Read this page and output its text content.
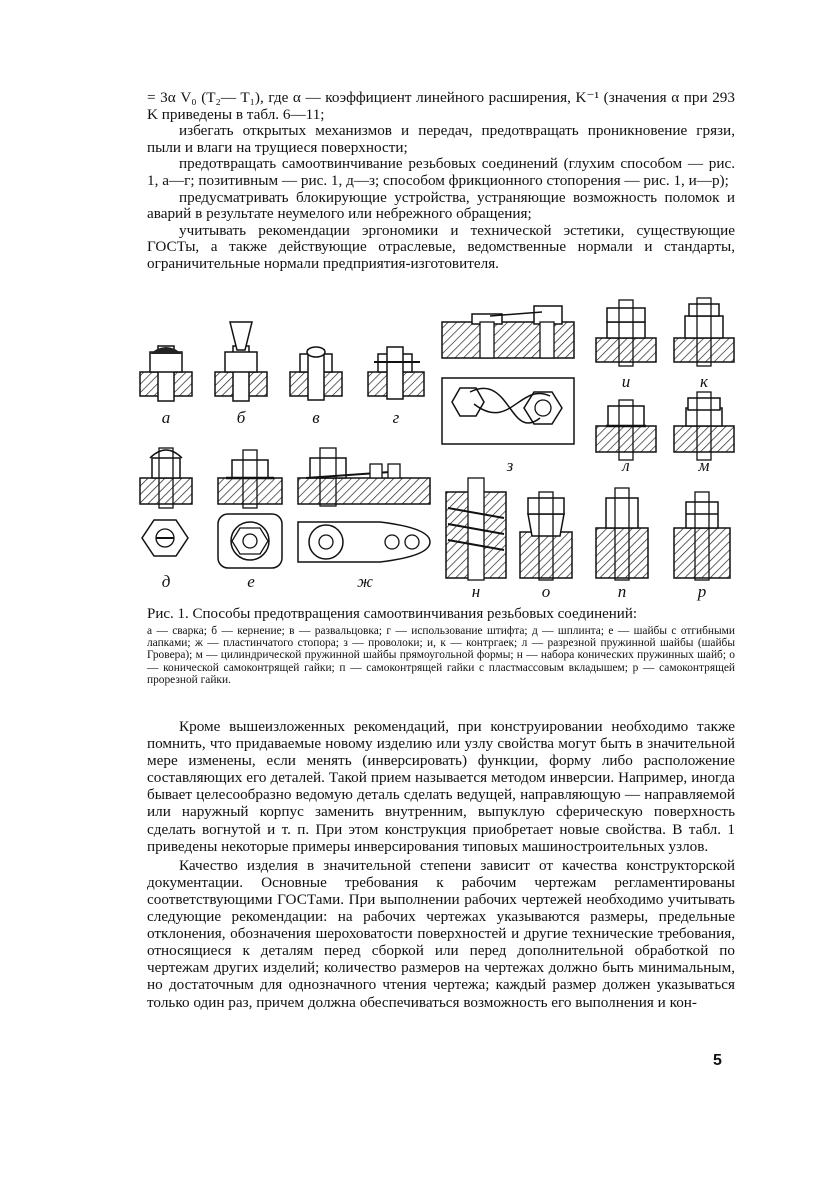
= 3α V₀ (T₂— T₁), где α — коэффициент линейного расширения, K⁻¹ (значения α при 293 K приведены в табл. 6—11;

избегать открытых механизмов и передач, предотвращать проникновение грязи, пыли и влаги на трущиеся поверхности;

предотвращать самоотвинчивание резьбовых соединений (глухим способом — рис. 1, а—г; позитивным — рис. 1, д—з; способом фрикционного стопорения — рис. 1, и—р);

предусматривать блокирующие устройства, устраняющие возможность поломок и аварий в результате неумелого или небрежного обращения;

учитывать рекомендации эргономики и технической эстетики, существующие ГОСТы, а также действующие отраслевые, ведомственные нормали и стандарты, ограничительные нормали предприятия-изготовителя.

а	б	в	г
з
и	к
л	м
д	е	ж
н	о	п	р

Рис. 1. Способы предотвращения самоотвинчивания резьбовых соединений:

а — сварка; б — кернение; в — развальцовка; г — использование штифта; д — шплинта; е — шайбы с отгибными лапками; ж — пластинчатого стопора; з — проволоки; и, к — контргаек; л — разрезной пружинной шайбы (шайбы Гровера); м — цилиндрической пружинной шайбы прямоугольной формы; н — набора конических пружинных шайб; о — конической самоконтрящей гайки; п — самоконтрящей гайки с пластмассовым вкладышем; р — самоконтрящей прорезной гайки.

Кроме вышеизложенных рекомендаций, при конструировании необходимо также помнить, что придаваемые новому изделию или узлу свойства могут быть в значительной мере изменены, если менять (инверсировать) функции, форму либо расположение составляющих его деталей. Такой прием называется методом инверсии. Например, иногда бывает целесообразно ведомую деталь сделать ведущей, направляющую — направляемой или наружный корпус заменить внутренним, выпуклую сферическую поверхность сделать вогнутой и т. п. При этом конструкция приобретает новые свойства. В табл. 1 приведены некоторые примеры инверсирования типовых машиностроительных узлов.

Качество изделия в значительной степени зависит от качества конструкторской документации. Основные требования к рабочим чертежам регламентированы соответствующими ГОСТами. При выполнении рабочих чертежей необходимо учитывать следующие рекомендации: на рабочих чертежах указываются размеры, предельные отклонения, обозначения шероховатости поверхностей и другие технические требования, относящиеся к деталям перед сборкой или перед дополнительной обработкой по чертежам других изделий; количество размеров на чертежах должно быть минимальным, но достаточным для однозначного чтения чертежа; каждый размер должен указываться только один раз, причем должна обеспечиваться возможность его выполнения и кон-

5
